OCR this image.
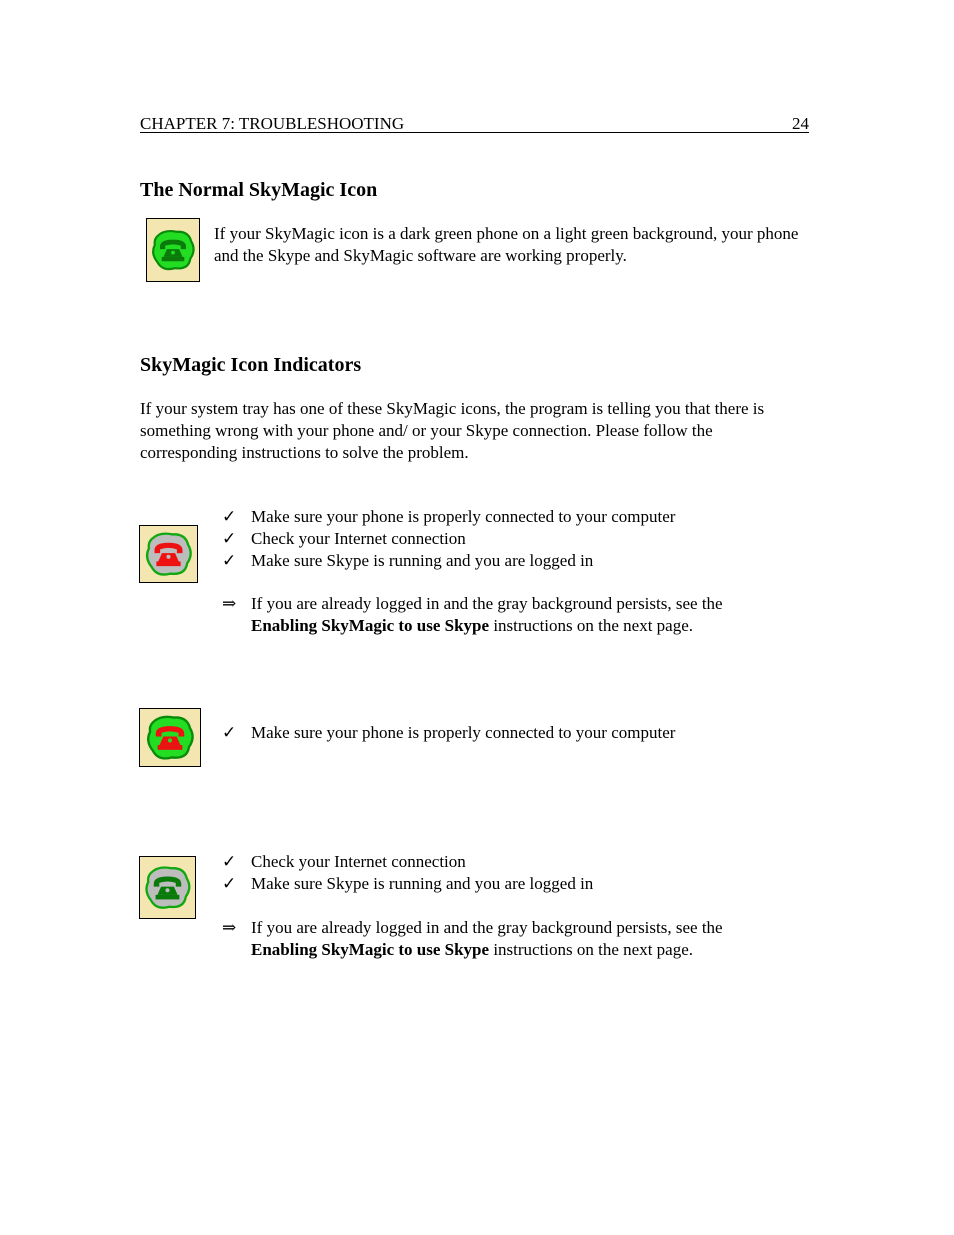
CHAPTER 7: TROUBLESHOOTING	24
The Normal SkyMagic Icon
If your SkyMagic icon is a dark green phone on a light green background, your phone and the Skype and SkyMagic software are working properly.
SkyMagic Icon Indicators
If your system tray has one of these SkyMagic icons, the program is telling you that there is something wrong with your phone and/ or your Skype connection. Please follow the corresponding instructions to solve the problem.
✓ Make sure your phone is properly connected to your computer
✓ Check your Internet connection
✓ Make sure Skype is running and you are logged in
⇒ If you are already logged in and the gray background persists, see the
Enabling SkyMagic to use Skype instructions on the next page.
✓ Make sure your phone is properly connected to your computer
✓ Check your Internet connection
✓ Make sure Skype is running and you are logged in
⇒ If you are already logged in and the gray background persists, see the
Enabling SkyMagic to use Skype instructions on the next page.
